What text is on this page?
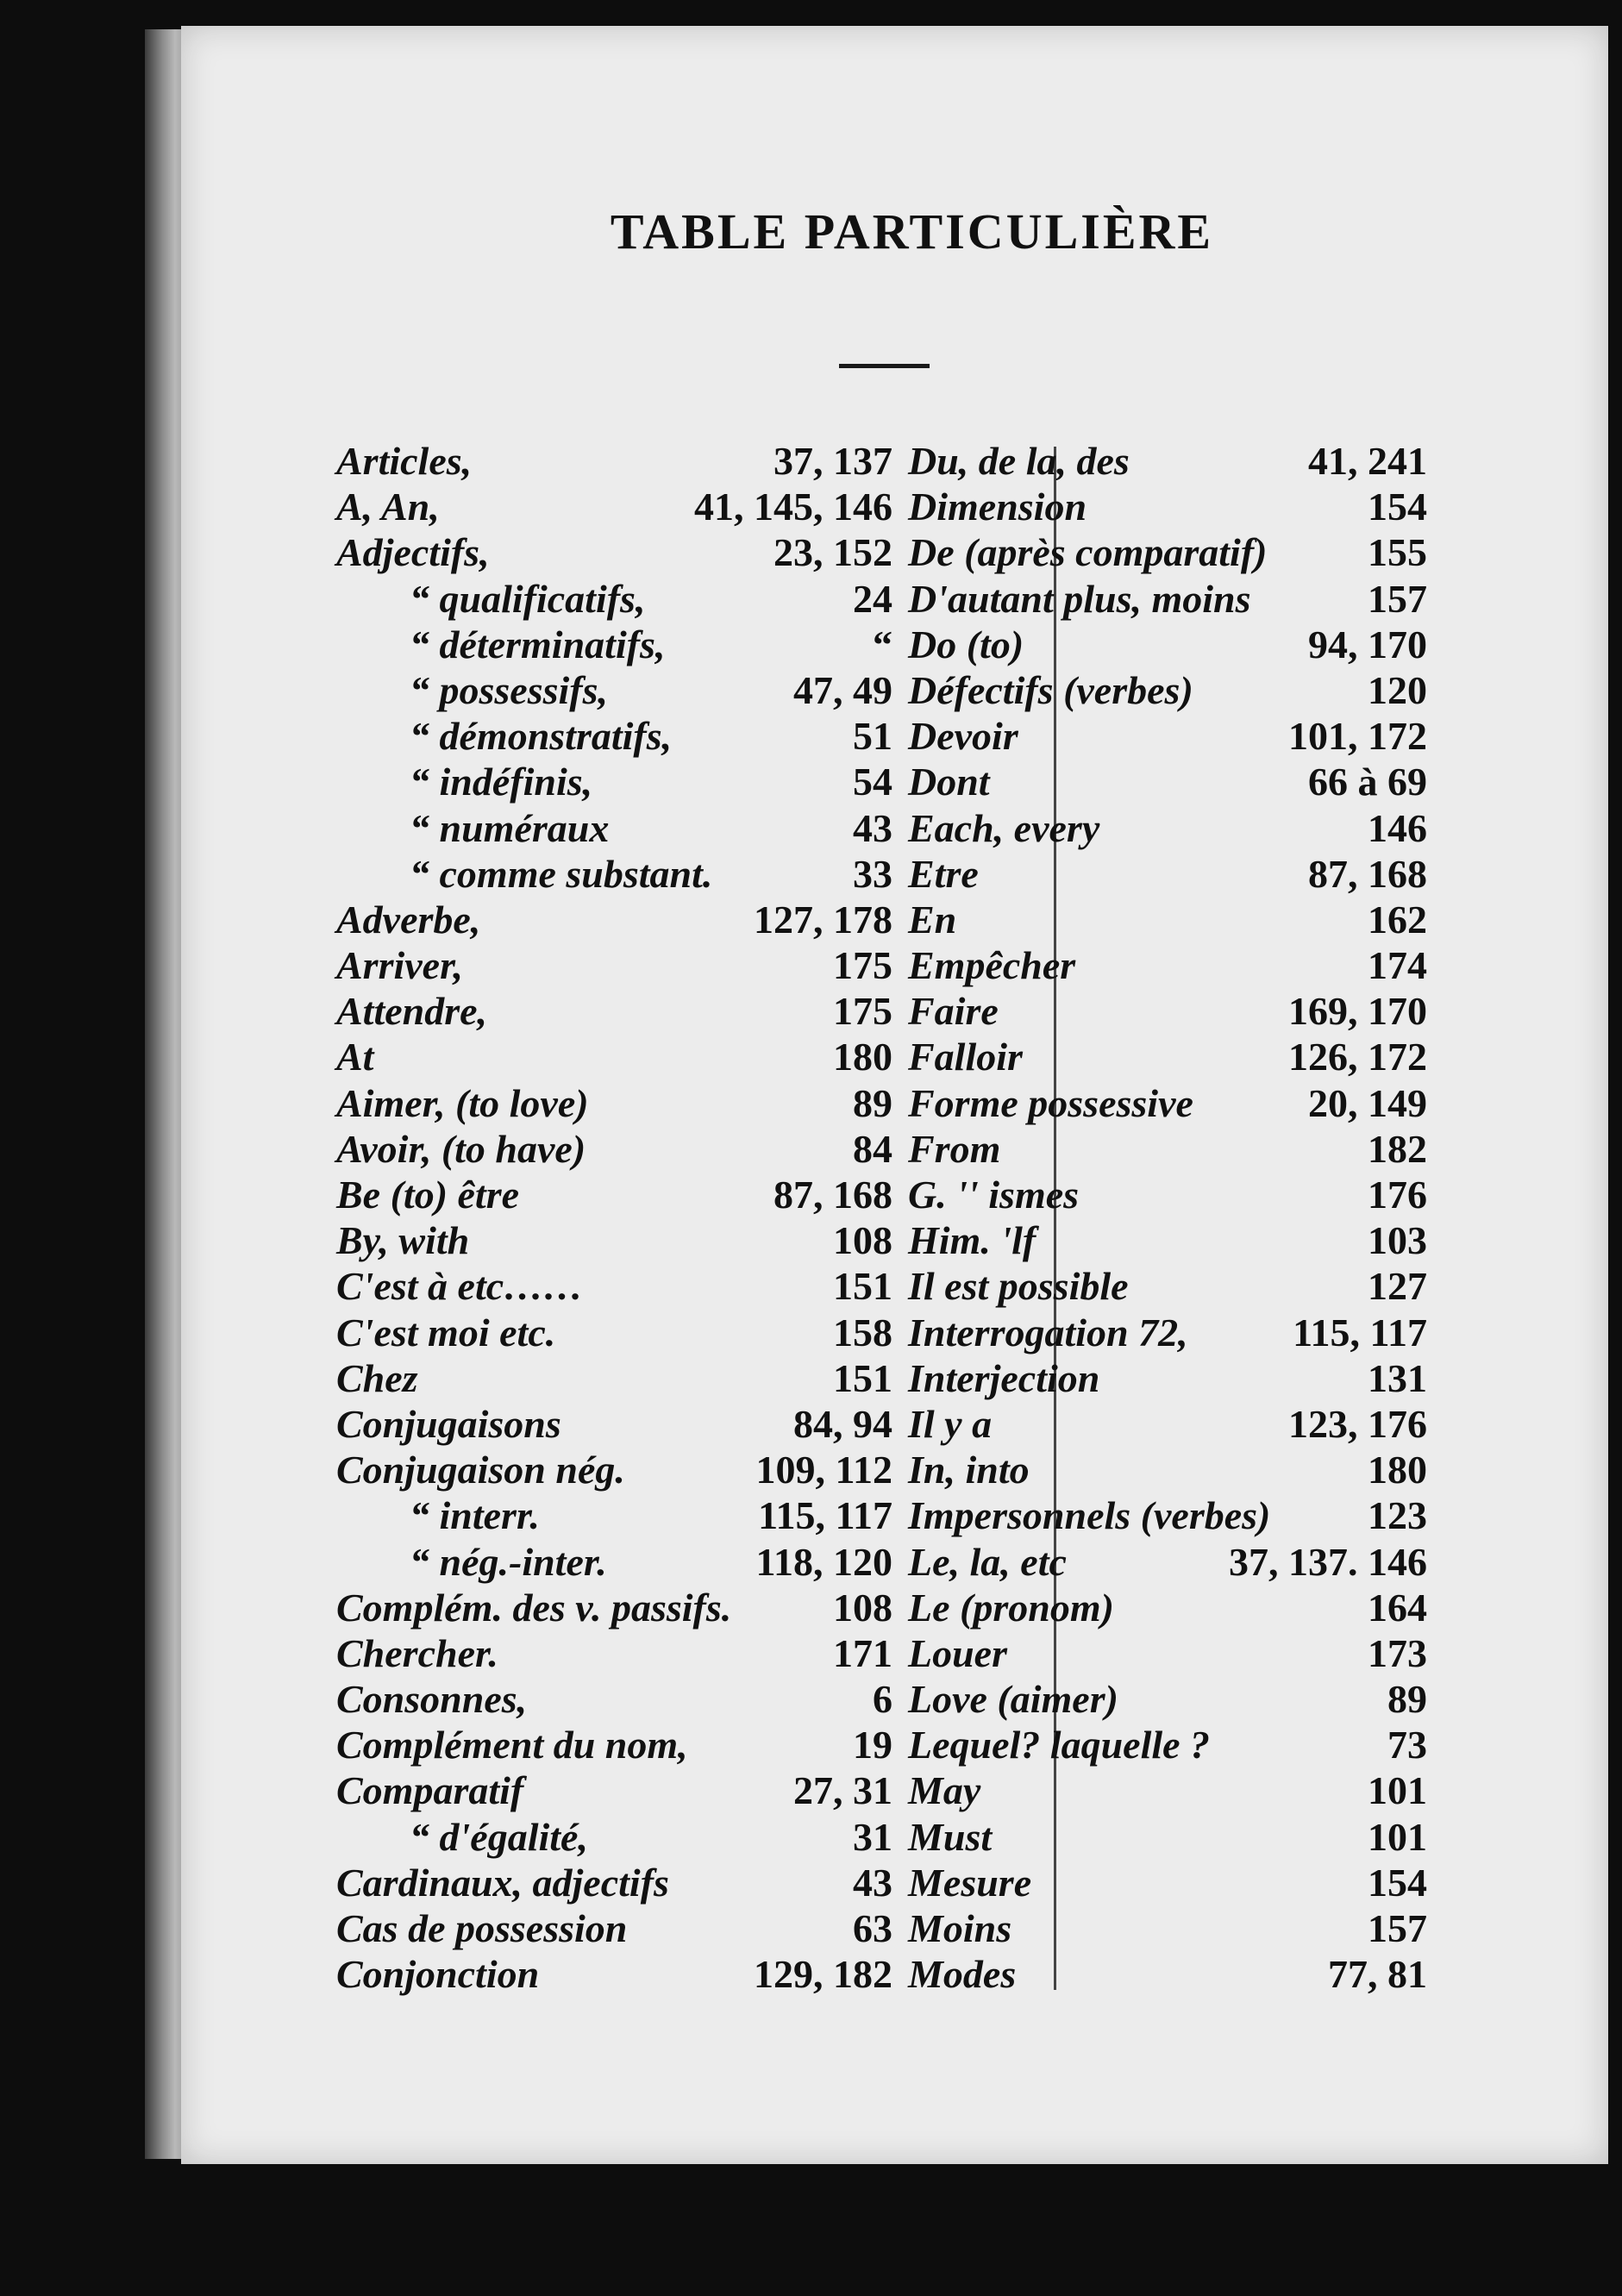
TABLE PARTICULIÈRE
Articles,	37, 137
A, An,	41, 145, 146
Adjectifs,	23, 152
“ qualificatifs,	24
“ déterminatifs,	“
“ possessifs,	47, 49
“ démonstratifs,	51
“ indéfinis,	54
“ numéraux	43
“ comme substant.	33
Adverbe,	127, 178
Arriver,	175
Attendre,	175
At	180
Aimer, (to love)	89
Avoir, (to have)	84
Be (to) être	87, 168
By, with	108
C'est à etc……	151
C'est moi etc.	158
Chez	151
Conjugaisons	84, 94
Conjugaison nég.	109, 112
“ interr.	115, 117
“ nég.-inter.	118, 120
Complém. des v. passifs.	108
Chercher.	171
Consonnes,	6
Complément du nom,	19
Comparatif	27, 31
“ d'égalité,	31
Cardinaux, adjectifs	43
Cas de possession	63
Conjonction	129, 182
Du, de la, des	41, 241
Dimension	154
De (après comparatif)	155
D'autant plus, moins	157
Do (to)	94, 170
Défectifs (verbes)	120
Devoir	101, 172
Dont	66 à 69
Each, every	146
Etre	87, 168
En	162
Empêcher	174
Faire	169, 170
Falloir	126, 172
Forme possessive	20, 149
From	182
G. '' ismes	176
Him. 'lf	103
Il est possible	127
Interrogation 72,	115, 117
Interjection	131
Il y a	123, 176
In, into	180
Impersonnels (verbes) 123
Le, la, etc	37, 137. 146
Le (pronom)	164
Louer	173
Love (aimer)	89
Lequel? laquelle ?	73
May	101
Must	101
Mesure	154
Moins	157
Modes	77, 81
